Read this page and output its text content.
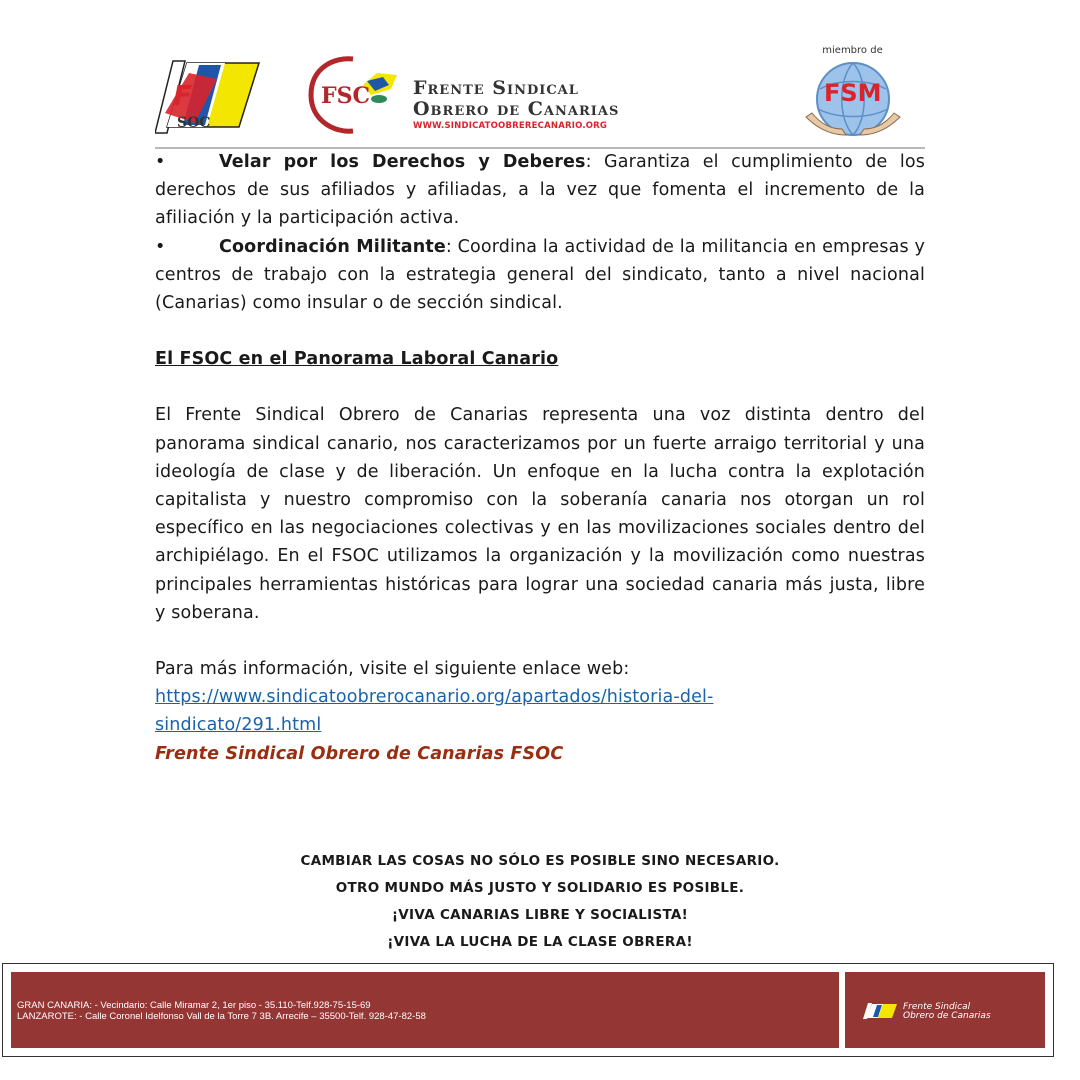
F
SOC
FSC Frente Sindical
Obrero de Canarias
WWW.SINDICATOOBRERECANARIO.ORG
miembro de
FSM

•	Velar por los Derechos y Deberes: Garantiza el cumplimiento de los derechos de sus afiliados y afiliadas, a la vez que fomenta el incremento de la afiliación y la participación activa.

•	Coordinación Militante: Coordina la actividad de la militancia en empresas y centros de trabajo con la estrategia general del sindicato, tanto a nivel nacional (Canarias) como insular o de sección sindical.

El FSOC en el Panorama Laboral Canario

El Frente Sindical Obrero de Canarias representa una voz distinta dentro del panorama sindical canario, nos caracterizamos por un fuerte arraigo territorial y una ideología de clase y de liberación. Un enfoque en la lucha contra la explotación capitalista y nuestro compromiso con la soberanía canaria nos otorgan un rol específico en las negociaciones colectivas y en las movilizaciones sociales dentro del archipiélago. En el FSOC utilizamos la organización y la movilización como nuestras principales herramientas históricas para lograr una sociedad canaria más justa, libre y soberana.

Para más información, visite el siguiente enlace web:

https://www.sindicatoobrerocanario.org/apartados/historia-del-
sindicato/291.html

Frente Sindical Obrero de Canarias FSOC

CAMBIAR LAS COSAS NO SÓLO ES POSIBLE SINO NECESARIO.
OTRO MUNDO MÁS JUSTO Y SOLIDARIO ES POSIBLE.
¡VIVA CANARIAS LIBRE Y SOCIALISTA!
¡VIVA LA LUCHA DE LA CLASE OBRERA!
GRAN CANARIA: - Vecindario: Calle Miramar 2, 1er piso - 35.110-Telf.928-75-15-69
LANZAROTE: - Calle Coronel Idelfonso Vall de la Torre 7 3B. Arrecife – 35500-Telf. 928-47-82-58
Frente Sindical
Obrero de Canarias
